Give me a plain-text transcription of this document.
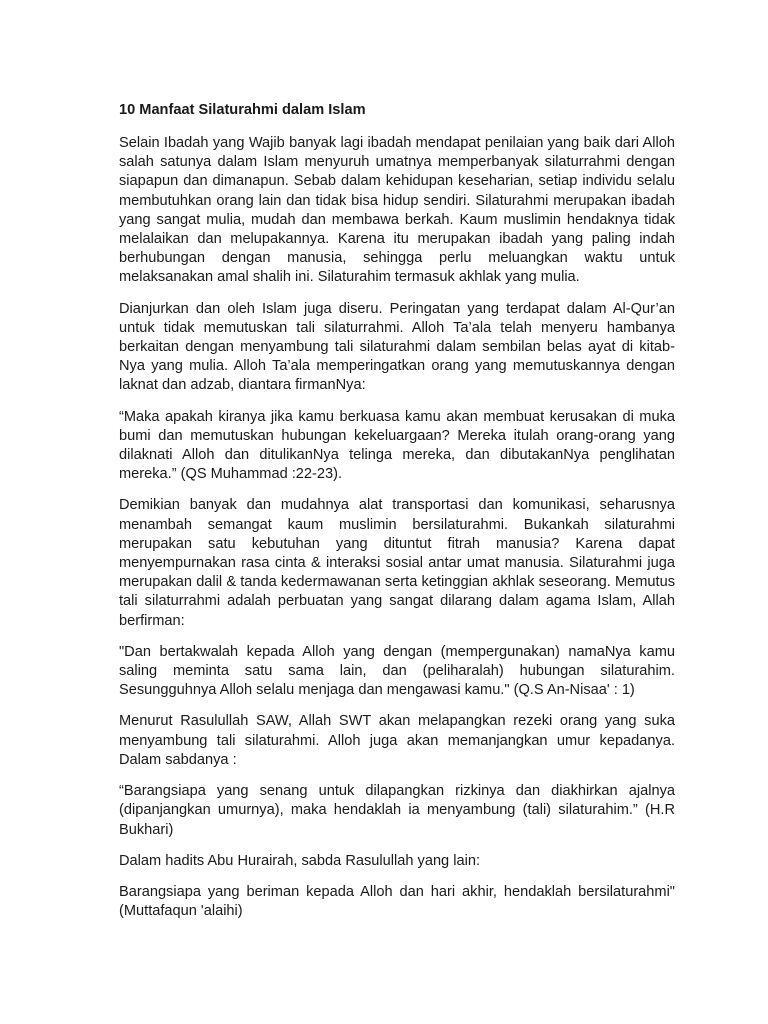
10 Manfaat Silaturahmi dalam Islam

Selain Ibadah yang Wajib banyak lagi ibadah mendapat penilaian yang baik dari Alloh salah satunya dalam Islam menyuruh umatnya memperbanyak silaturrahmi dengan siapapun dan dimanapun. Sebab dalam kehidupan keseharian, setiap individu selalu membutuhkan orang lain dan tidak bisa hidup sendiri. Silaturahmi merupakan ibadah yang sangat mulia, mudah dan membawa berkah. Kaum muslimin hendaknya tidak melalaikan dan melupakannya. Karena itu merupakan ibadah yang paling indah berhubungan dengan manusia, sehingga perlu meluangkan waktu untuk melaksanakan amal shalih ini. Silaturahim termasuk akhlak yang mulia.

Dianjurkan dan oleh Islam juga diseru. Peringatan yang terdapat dalam Al-Qur’an untuk tidak memutuskan tali silaturrahmi. Alloh Ta’ala telah menyeru hambanya berkaitan dengan menyambung tali silaturahmi dalam sembilan belas ayat di kitab-Nya yang mulia. Alloh Ta’ala memperingatkan orang yang memutuskannya dengan laknat dan adzab, diantara firmanNya:

“Maka apakah kiranya jika kamu berkuasa kamu akan membuat kerusakan di muka bumi dan memutuskan hubungan kekeluargaan? Mereka itulah orang-orang yang dilaknati Alloh dan ditulikanNya telinga mereka, dan dibutakanNya penglihatan mereka.” (QS Muhammad :22-23).

Demikian banyak dan mudahnya alat transportasi dan komunikasi, seharusnya menambah semangat kaum muslimin bersilaturahmi. Bukankah silaturahmi merupakan satu kebutuhan yang dituntut fitrah manusia? Karena dapat menyempurnakan rasa cinta & interaksi sosial antar umat manusia. Silaturahmi juga merupakan dalil & tanda kedermawanan serta ketinggian akhlak seseorang. Memutus tali silaturrahmi adalah perbuatan yang sangat dilarang dalam agama Islam, Allah berfirman:

"Dan bertakwalah kepada Alloh yang dengan (mempergunakan) namaNya kamu saling meminta satu sama lain, dan (peliharalah) hubungan silaturahim. Sesungguhnya Alloh selalu menjaga dan mengawasi kamu." (Q.S An-Nisaa' : 1)

Menurut Rasulullah SAW, Allah SWT akan melapangkan rezeki orang yang suka menyambung tali silaturahmi. Alloh juga akan memanjangkan umur kepadanya. Dalam sabdanya :

“Barangsiapa yang senang untuk dilapangkan rizkinya dan diakhirkan ajalnya (dipanjangkan umurnya), maka hendaklah ia menyambung (tali) silaturahim.” (H.R Bukhari)

Dalam hadits Abu Hurairah, sabda Rasulullah yang lain:

Barangsiapa yang beriman kepada Alloh dan hari akhir, hendaklah bersilaturahmi" (Muttafaqun 'alaihi)
